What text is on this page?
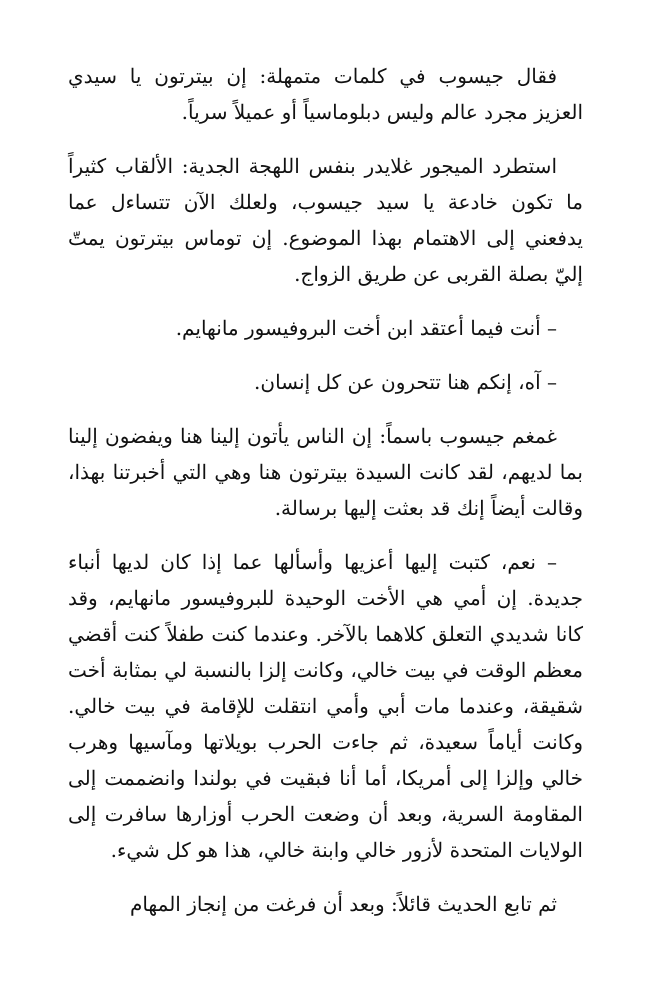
فقال جيسوب في كلمات متمهلة: إن بيترتون يا سيدي العزيز مجرد عالم وليس دبلوماسياً أو عميلاً سرياً.

استطرد الميجور غلايدر بنفس اللهجة الجدية: الألقاب كثيراً ما تكون خادعة يا سيد جيسوب، ولعلك الآن تتساءل عما يدفعني إلى الاهتمام بهذا الموضوع. إن توماس بيترتون يمتّ إليّ بصلة القربى عن طريق الزواج.

– أنت فيما أعتقد ابن أخت البروفيسور مانهايم.

– آه، إنكم هنا تتحرون عن كل إنسان.

غمغم جيسوب باسماً: إن الناس يأتون إلينا هنا ويفضون إلينا بما لديهم، لقد كانت السيدة بيترتون هنا وهي التي أخبرتنا بهذا، وقالت أيضاً إنك قد بعثت إليها برسالة.

– نعم، كتبت إليها أعزيها وأسألها عما إذا كان لديها أنباء جديدة. إن أمي هي الأخت الوحيدة للبروفيسور مانهايم، وقد كانا شديدي التعلق كلاهما بالآخر. وعندما كنت طفلاً كنت أقضي معظم الوقت في بيت خالي، وكانت إلزا بالنسبة لي بمثابة أخت شقيقة، وعندما مات أبي وأمي انتقلت للإقامة في بيت خالي. وكانت أياماً سعيدة، ثم جاءت الحرب بويلاتها ومآسيها وهرب خالي وإلزا إلى أمريكا، أما أنا فبقيت في بولندا وانضممت إلى المقاومة السرية، وبعد أن وضعت الحرب أوزارها سافرت إلى الولايات المتحدة لأزور خالي وابنة خالي، هذا هو كل شيء.

ثم تابع الحديث قائلاً: وبعد أن فرغت من إنجاز المهام
